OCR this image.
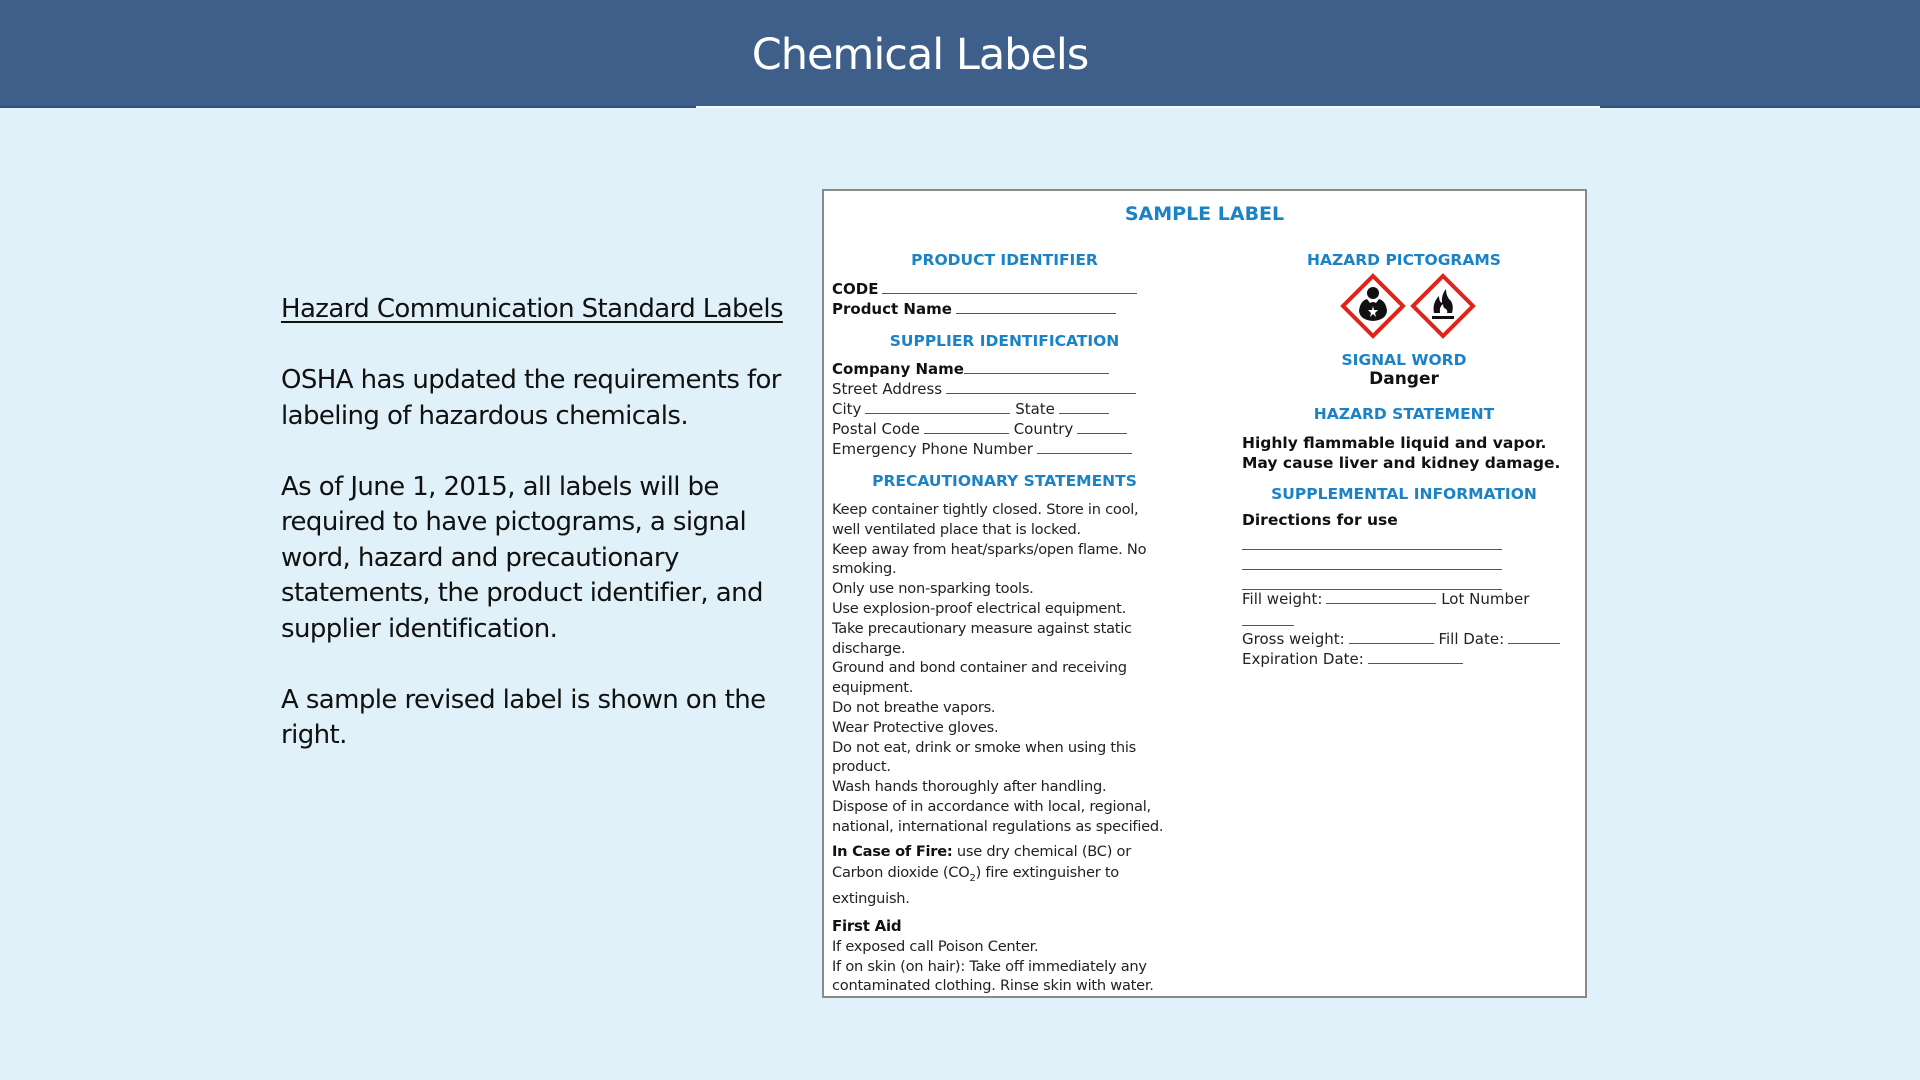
Chemical Labels

Hazard Communication Standard Labels

OSHA has updated the requirements for labeling of hazardous chemicals.

As of June 1, 2015, all labels will be required to have pictograms, a signal word, hazard and precautionary statements, the product identifier, and supplier identification.

A sample revised label is shown on the right.

SAMPLE LABEL
PRODUCT IDENTIFIER
CODE
Product Name
SUPPLIER IDENTIFICATION
Company Name
Street Address
City	State
Postal Code	Country
Emergency Phone Number
PRECAUTIONARY STATEMENTS
Keep container tightly closed. Store in cool,
well ventilated place that is locked.
Keep away from heat/sparks/open flame. No
smoking.
Only use non-sparking tools.
Use explosion-proof electrical equipment.
Take precautionary measure against static
discharge.
Ground and bond container and receiving
equipment.
Do not breathe vapors.
Wear Protective gloves.
Do not eat, drink or smoke when using this
product.
Wash hands thoroughly after handling.
Dispose of in accordance with local, regional,
national, international regulations as specified.
In Case of Fire: use dry chemical (BC) or
Carbon dioxide $(CO_2)$ fire extinguisher to
extinguish.
First Aid
If exposed call Poison Center.
If on skin (on hair): Take off immediately any
contaminated clothing. Rinse skin with water.
HAZARD PICTOGRAMS
SIGNAL WORD
Danger
HAZARD STATEMENT
Highly flammable liquid and vapor.
May cause liver and kidney damage.
SUPPLEMENTAL INFORMATION
Directions for use
Fill weight:	Lot Number
Gross weight:	Fill Date:
Expiration Date:
